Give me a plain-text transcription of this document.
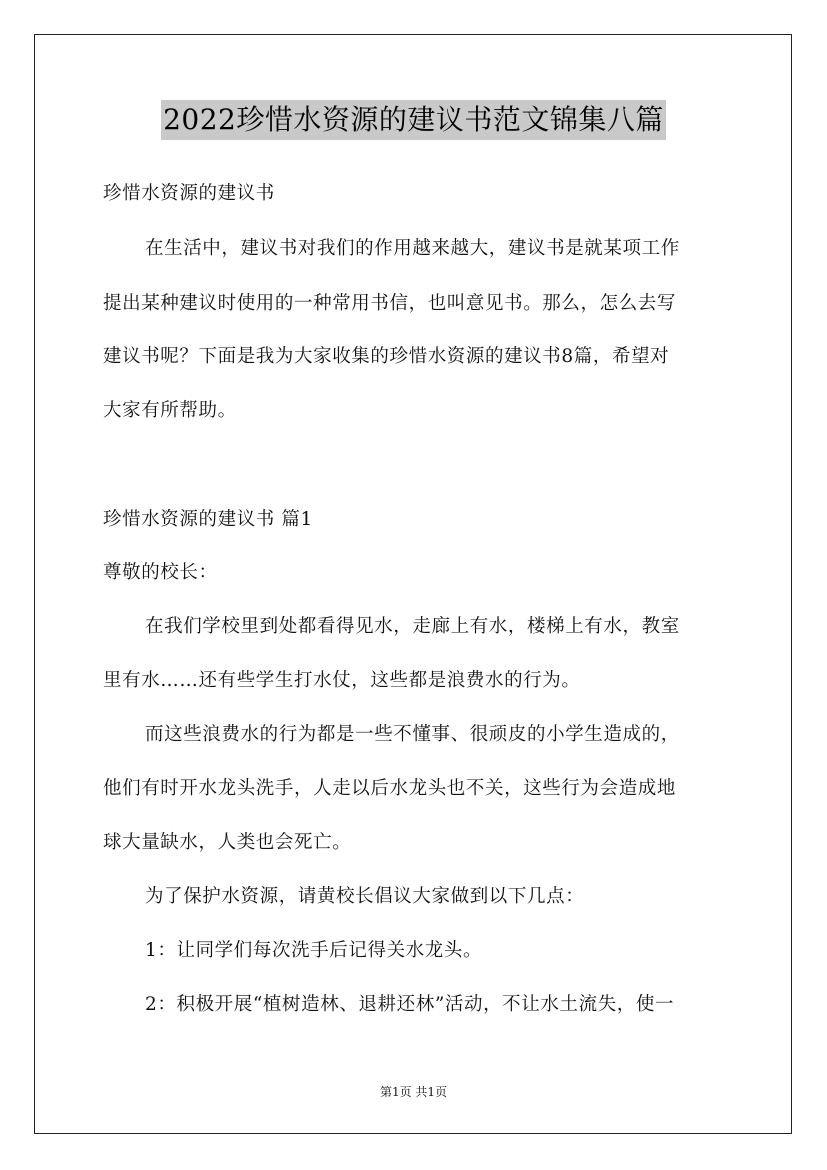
2022珍惜水资源的建议书范文锦集八篇
珍惜水资源的建议书
在生活中，建议书对我们的作用越来越大，建议书是就某项工作
提出某种建议时使用的一种常用书信，也叫意见书。那么，怎么去写
建议书呢？下面是我为大家收集的珍惜水资源的建议书8篇，希望对
大家有所帮助。
珍惜水资源的建议书 篇1
尊敬的校长：
在我们学校里到处都看得见水，走廊上有水，楼梯上有水，教室
里有水……还有些学生打水仗，这些都是浪费水的行为。
而这些浪费水的行为都是一些不懂事、很顽皮的小学生造成的，
他们有时开水龙头洗手，人走以后水龙头也不关，这些行为会造成地
球大量缺水，人类也会死亡。
为了保护水资源，请黄校长倡议大家做到以下几点：
1：让同学们每次洗手后记得关水龙头。
2：积极开展“植树造林、退耕还林”活动，不让水土流失，使一
第1页 共1页
